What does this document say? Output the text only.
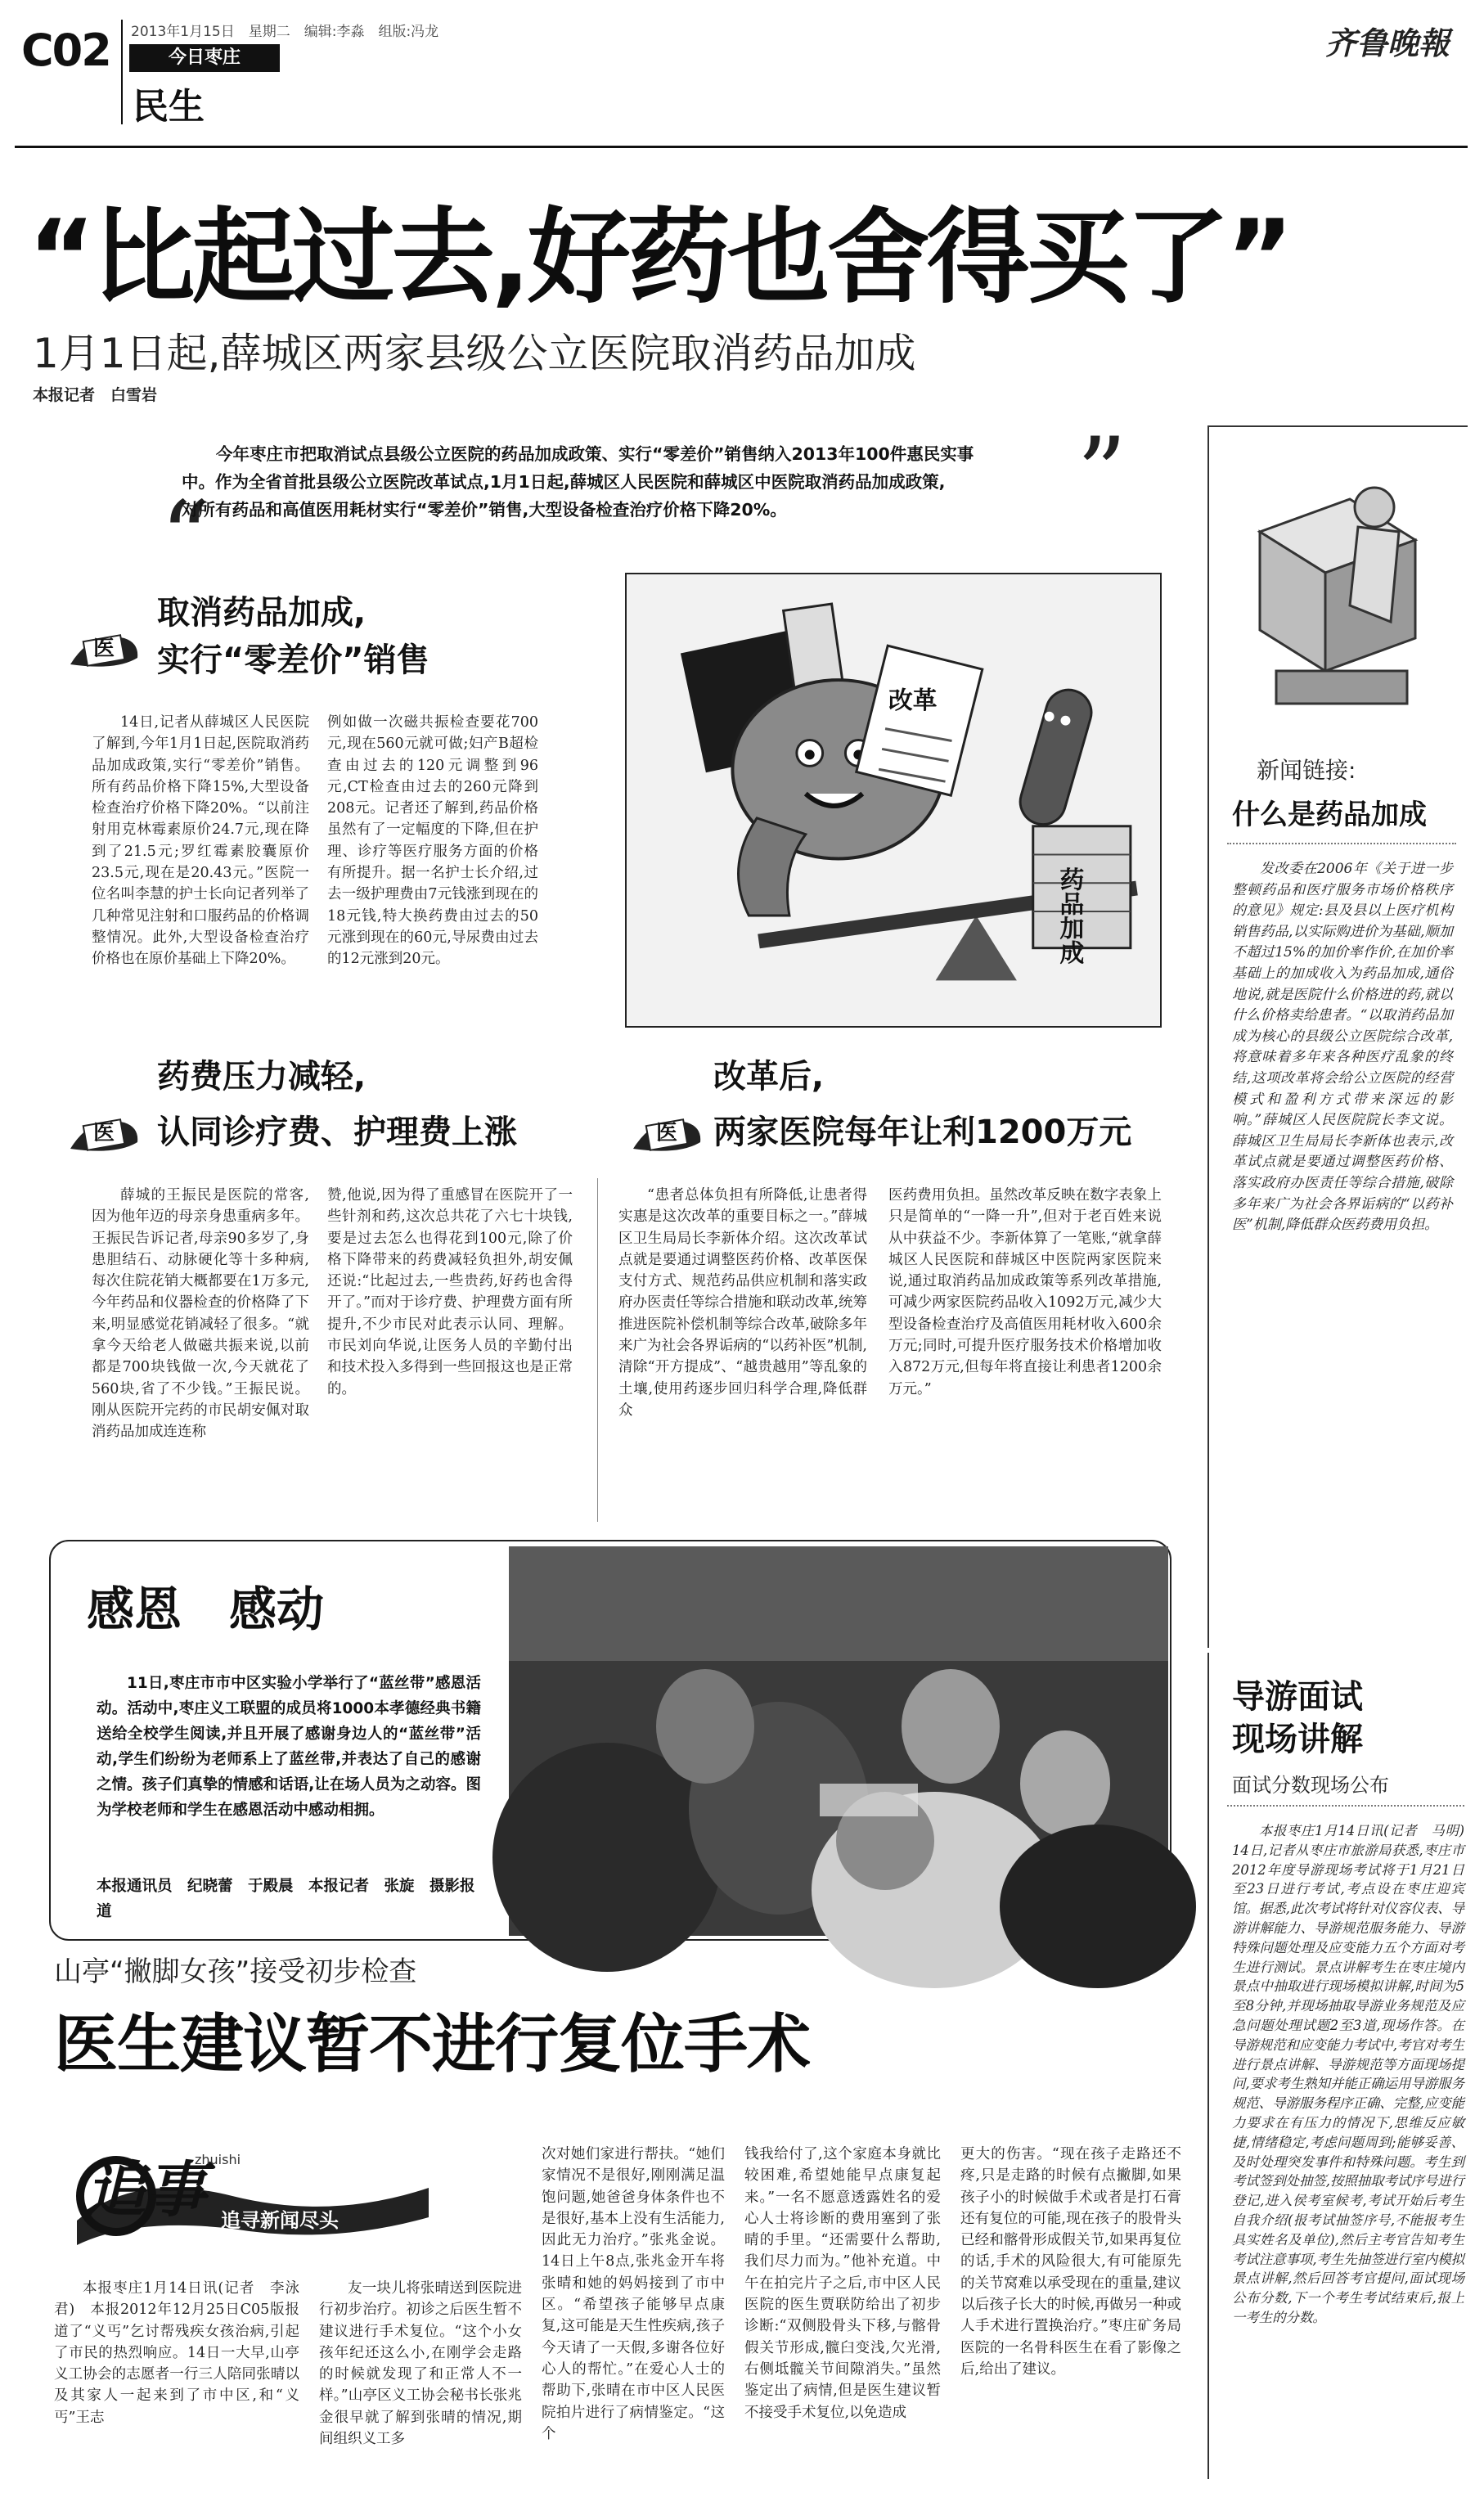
C02 2013年1月15日　星期二　编辑:李淼　组版:冯龙
今日枣庄
民生
齐鲁晚報
“比起过去,好药也舍得买了”
1月1日起,薛城区两家县级公立医院取消药品加成
本报记者　白雪岩
“
”
今年枣庄市把取消试点县级公立医院的药品加成政策、实行“零差价”销售纳入2013年100件惠民实事
中。作为全省首批县级公立医院改革试点,1月1日起,薛城区人民医院和薛城区中医院取消药品加成政策,
对所有药品和高值医用耗材实行“零差价”销售,大型设备检查治疗价格下降20%。
医
取消药品加成,
实行“零差价”销售
医
药费压力减轻,
认同诊疗费、护理费上涨	医
改革后,
两家医院每年让利1200万元
14日,记者从薛城区人民医院了解到,今年1月1日起,医院取消药品加成政策,实行“零差价”销售。所有药品价格下降15%,大型设备检查治疗价格下降20%。“以前注射用克林霉素原价24.7元,现在降到了21.5元;罗红霉素胶囊原价23.5元,现在是20.43元。”医院一位名叫李慧的护士长向记者列举了几种常见注射和口服药品的价格调整情况。此外,大型设备检查治疗价格也在原价基础上下降20%。
例如做一次磁共振检查要花700元,现在560元就可做;妇产B超检查由过去的120元调整到96元,CT检查由过去的260元降到208元。记者还了解到,药品价格虽然有了一定幅度的下降,但在护理、诊疗等医疗服务方面的价格有所提升。据一名护士长介绍,过去一级护理费由7元钱涨到现在的18元钱,特大换药费由过去的50元涨到现在的60元,导尿费由过去的12元涨到20元。
改革
药品加成
薛城的王振民是医院的常客,因为他年迈的母亲身患重病多年。王振民告诉记者,母亲90多岁了,身患胆结石、动脉硬化等十多种病,每次住院花销大概都要在1万多元,今年药品和仪器检查的价格降了下来,明显感觉花销减轻了很多。“就拿今天给老人做磁共振来说,以前都是700块钱做一次,今天就花了560块,省了不少钱。”王振民说。刚从医院开完药的市民胡安佩对取消药品加成连连称
赞,他说,因为得了重感冒在医院开了一些针剂和药,这次总共花了六七十块钱,要是过去怎么也得花到100元,除了价格下降带来的药费减轻负担外,胡安佩还说:“比起过去,一些贵药,好药也舍得开了。”而对于诊疗费、护理费方面有所提升,不少市民对此表示认同、理解。市民刘向华说,让医务人员的辛勤付出和技术投入多得到一些回报这也是正常的。
“患者总体负担有所降低,让患者得实惠是这次改革的重要目标之一。”薛城区卫生局局长李新体介绍。这次改革试点就是要通过调整医药价格、改革医保支付方式、规范药品供应机制和落实政府办医责任等综合措施和联动改革,统筹推进医院补偿机制等综合改革,破除多年来广为社会各界诟病的“以药补医”机制,清除“开方提成”、“越贵越用”等乱象的土壤,使用药逐步回归科学合理,降低群众
医药费用负担。虽然改革反映在数字表象上只是简单的“一降一升”,但对于老百姓来说从中获益不少。李新体算了一笔账,“就拿薛城区人民医院和薛城区中医院两家医院来说,通过取消药品加成政策等系列改革措施,可减少两家医院药品收入1092万元,减少大型设备检查治疗及高值医用耗材收入600余万元;同时,可提升医疗服务技术价格增加收入872万元,但每年将直接让利患者1200余万元。”
新闻链接:
什么是药品加成
发改委在2006年《关于进一步整顿药品和医疗服务市场价格秩序的意见》规定:县及县以上医疗机构销售药品,以实际购进价为基础,顺加不超过15%的加价率作价,在加价率基础上的加成收入为药品加成,通俗地说,就是医院什么价格进的药,就以什么价格卖给患者。“以取消药品加成为核心的县级公立医院综合改革,将意味着多年来各种医疗乱象的终结,这项改革将会给公立医院的经营模式和盈利方式带来深远的影响。”薛城区人民医院院长李文说。薛城区卫生局局长李新体也表示,改革试点就是要通过调整医药价格、落实政府办医责任等综合措施,破除多年来广为社会各界诟病的“以药补医”机制,降低群众医药费用负担。
感恩　感动
11日,枣庄市市中区实验小学举行了“蓝丝带”感恩活动。活动中,枣庄义工联盟的成员将1000本孝德经典书籍送给全校学生阅读,并且开展了感谢身边人的“蓝丝带”活动,学生们纷纷为老师系上了蓝丝带,并表达了自己的感谢之情。孩子们真挚的情感和话语,让在场人员为之动容。图为学校老师和学生在感恩活动中感动相拥。
本报通讯员　纪晓蕾　于殿晨　本报记者　张旋　摄影报道
导游面试
现场讲解
面试分数现场公布
本报枣庄1月14日讯(记者　马明)　14日,记者从枣庄市旅游局获悉,枣庄市2012年度导游现场考试将于1月21日至23日进行考试,考点设在枣庄迎宾馆。据悉,此次考试将针对仪容仪表、导游讲解能力、导游规范服务能力、导游特殊问题处理及应变能力五个方面对考生进行测试。景点讲解考生在枣庄境内景点中抽取进行现场模拟讲解,时间为5至8分钟,并现场抽取导游业务规范及应急问题处理试题2至3道,现场作答。在导游规范和应变能力考试中,考官对考生进行景点讲解、导游规范等方面现场提问,要求考生熟知并能正确运用导游服务规范、导游服务程序正确、完整,应变能力要求在有压力的情况下,思维反应敏捷,情绪稳定,考虑问题周到;能够妥善、及时处理突发事件和特殊问题。考生到考试签到处抽签,按照抽取考试序号进行登记,进入侯考室候考,考试开始后考生自我介绍(报考试抽签序号,不能报考生具实姓名及单位),然后主考官告知考生考试注意事项,考生先抽签进行室内模拟景点讲解,然后回答考官提问,面试现场公布分数,下一个考生考试结束后,报上一考生的分数。
山亭“撇脚女孩”接受初步检查
医生建议暂不进行复位手术
追事
zhuishi
追寻新闻尽头
本报枣庄1月14日讯(记者　李泳君)　本报2012年12月25日C05版报道了“义丐”乞讨帮残疾女孩治病,引起了市民的热烈响应。14日一大早,山亭义工协会的志愿者一行三人陪同张晴以及其家人一起来到了市中区,和“义丐”王志
友一块儿将张晴送到医院进行初步治疗。初诊之后医生暂不建议进行手术复位。“这个小女孩年纪还这么小,在刚学会走路的时候就发现了和正常人不一样。”山亭区义工协会秘书长张兆金很早就了解到张晴的情况,期间组织义工多
次对她们家进行帮扶。“她们家情况不是很好,刚刚满足温饱问题,她爸爸身体条件也不是很好,基本上没有生活能力,因此无力治疗。”张兆金说。14日上午8点,张兆金开车将张晴和她的妈妈接到了市中区。“希望孩子能够早点康复,这可能是天生性疾病,孩子今天请了一天假,多谢各位好心人的帮忙。”在爱心人士的帮助下,张晴在市中区人民医院拍片进行了病情鉴定。“这个
钱我给付了,这个家庭本身就比较困难,希望她能早点康复起来。”一名不愿意透露姓名的爱心人士将诊断的费用塞到了张晴的手里。“还需要什么帮助,我们尽力而为。”他补充道。中午在拍完片子之后,市中区人民医院的医生贾联防给出了初步诊断:“双侧股骨头下移,与髂骨假关节形成,髋臼变浅,欠光滑,右侧坻髋关节间隙消失。”虽然鉴定出了病情,但是医生建议暂不接受手术复位,以免造成
更大的伤害。“现在孩子走路还不疼,只是走路的时候有点撇脚,如果孩子小的时候做手术或者是打石膏还有复位的可能,现在孩子的股骨头已经和髂骨形成假关节,如果再复位的话,手术的风险很大,有可能原先的关节窝难以承受现在的重量,建议以后孩子长大的时候,再做另一种或人手术进行置换治疗。”枣庄矿务局医院的一名骨科医生在看了影像之后,给出了建议。
